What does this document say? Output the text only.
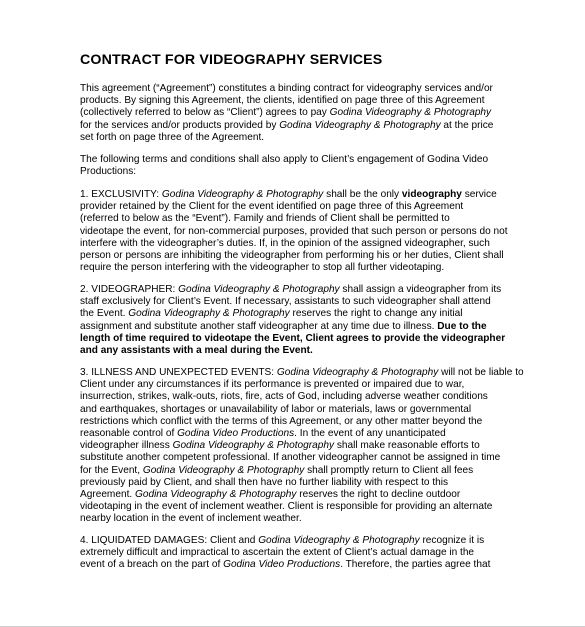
CONTRACT FOR VIDEOGRAPHY SERVICES
This agreement (“Agreement”) constitutes a binding contract for videography services and/or
products. By signing this Agreement, the clients, identified on page three of this Agreement
(collectively referred to below as “Client”) agrees to pay Godina Videography & Photography
for the services and/or products provided by Godina Videography & Photography at the price
set forth on page three of the Agreement.
The following terms and conditions shall also apply to Client’s engagement of Godina Video
Productions:
1. EXCLUSIVITY: Godina Videography & Photography shall be the only videography service
provider retained by the Client for the event identified on page three of this Agreement
(referred to below as the “Event”). Family and friends of Client shall be permitted to
videotape the event, for non-commercial purposes, provided that such person or persons do not
interfere with the videographer’s duties. If, in the opinion of the assigned videographer, such
person or persons are inhibiting the videographer from performing his or her duties, Client shall
require the person interfering with the videographer to stop all further videotaping.
2. VIDEOGRAPHER: Godina Videography & Photography shall assign a videographer from its
staff exclusively for Client’s Event. If necessary, assistants to such videographer shall attend
the Event. Godina Videography & Photography reserves the right to change any initial
assignment and substitute another staff videographer at any time due to illness. Due to the
length of time required to videotape the Event, Client agrees to provide the videographer
and any assistants with a meal during the Event.
3. ILLNESS AND UNEXPECTED EVENTS: Godina Videography & Photography will not be liable to
Client under any circumstances if its performance is prevented or impaired due to war,
insurrection, strikes, walk-outs, riots, fire, acts of God, including adverse weather conditions
and earthquakes, shortages or unavailability of labor or materials, laws or governmental
restrictions which conflict with the terms of this Agreement, or any other matter beyond the
reasonable control of Godina Video Productions. In the event of any unanticipated
videographer illness Godina Videography & Photography shall make reasonable efforts to
substitute another competent professional. If another videographer cannot be assigned in time
for the Event, Godina Videography & Photography shall promptly return to Client all fees
previously paid by Client, and shall then have no further liability with respect to this
Agreement. Godina Videography & Photography reserves the right to decline outdoor
videotaping in the event of inclement weather. Client is responsible for providing an alternate
nearby location in the event of inclement weather.
4. LIQUIDATED DAMAGES: Client and Godina Videography & Photography recognize it is
extremely difficult and impractical to ascertain the extent of Client’s actual damage in the
event of a breach on the part of Godina Video Productions. Therefore, the parties agree that
